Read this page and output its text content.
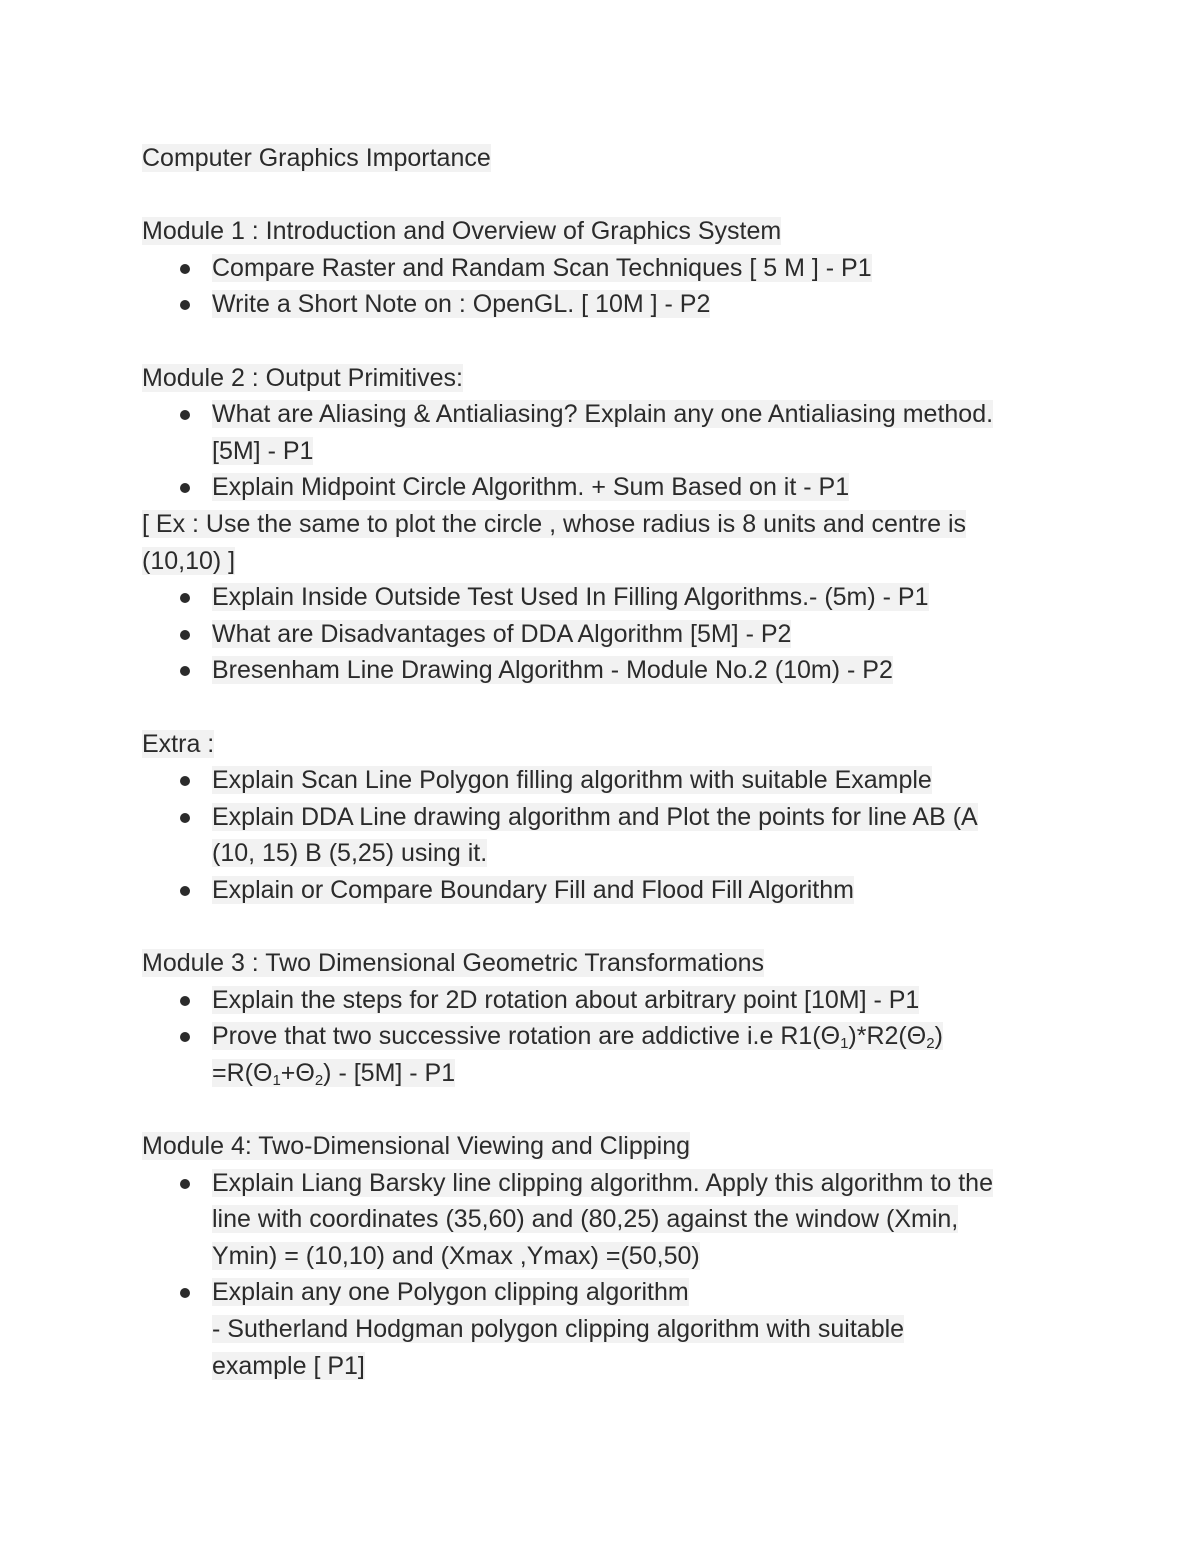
Computer Graphics Importance
Module 1 : Introduction and Overview of Graphics System
Compare Raster and Randam Scan Techniques [ 5 M ] - P1
Write a Short Note on : OpenGL. [ 10M ] - P2
Module 2 : Output Primitives:
What are Aliasing & Antialiasing? Explain any one Antialiasing method.
[5M] - P1
Explain Midpoint Circle Algorithm. + Sum Based on it - P1
[ Ex : Use the same to plot the circle , whose radius is 8 units and centre is
(10,10) ]
Explain Inside Outside Test Used In Filling Algorithms.- (5m) - P1
What are Disadvantages of DDA Algorithm [5M] - P2
Bresenham Line Drawing Algorithm - Module No.2 (10m) - P2
Extra :
Explain Scan Line Polygon filling algorithm with suitable Example
Explain DDA Line drawing algorithm and Plot the points for line AB (A
(10, 15) B (5,25) using it.
Explain or Compare Boundary Fill and Flood Fill Algorithm
Module 3 : Two Dimensional Geometric Transformations
Explain the steps for 2D rotation about arbitrary point [10M] - P1
Prove that two successive rotation are addictive i.e $R1(\Theta_1)*R2(\Theta_2)$
$=R(\Theta_1+\Theta_2) - [5M] - P1$
Module 4: Two-Dimensional Viewing and Clipping
Explain Liang Barsky line clipping algorithm. Apply this algorithm to the
line with coordinates (35,60) and (80,25) against the window (Xmin,
Ymin) = (10,10) and (Xmax ,Ymax) =(50,50)
Explain any one Polygon clipping algorithm
- Sutherland Hodgman polygon clipping algorithm with suitable
example [ P1]
